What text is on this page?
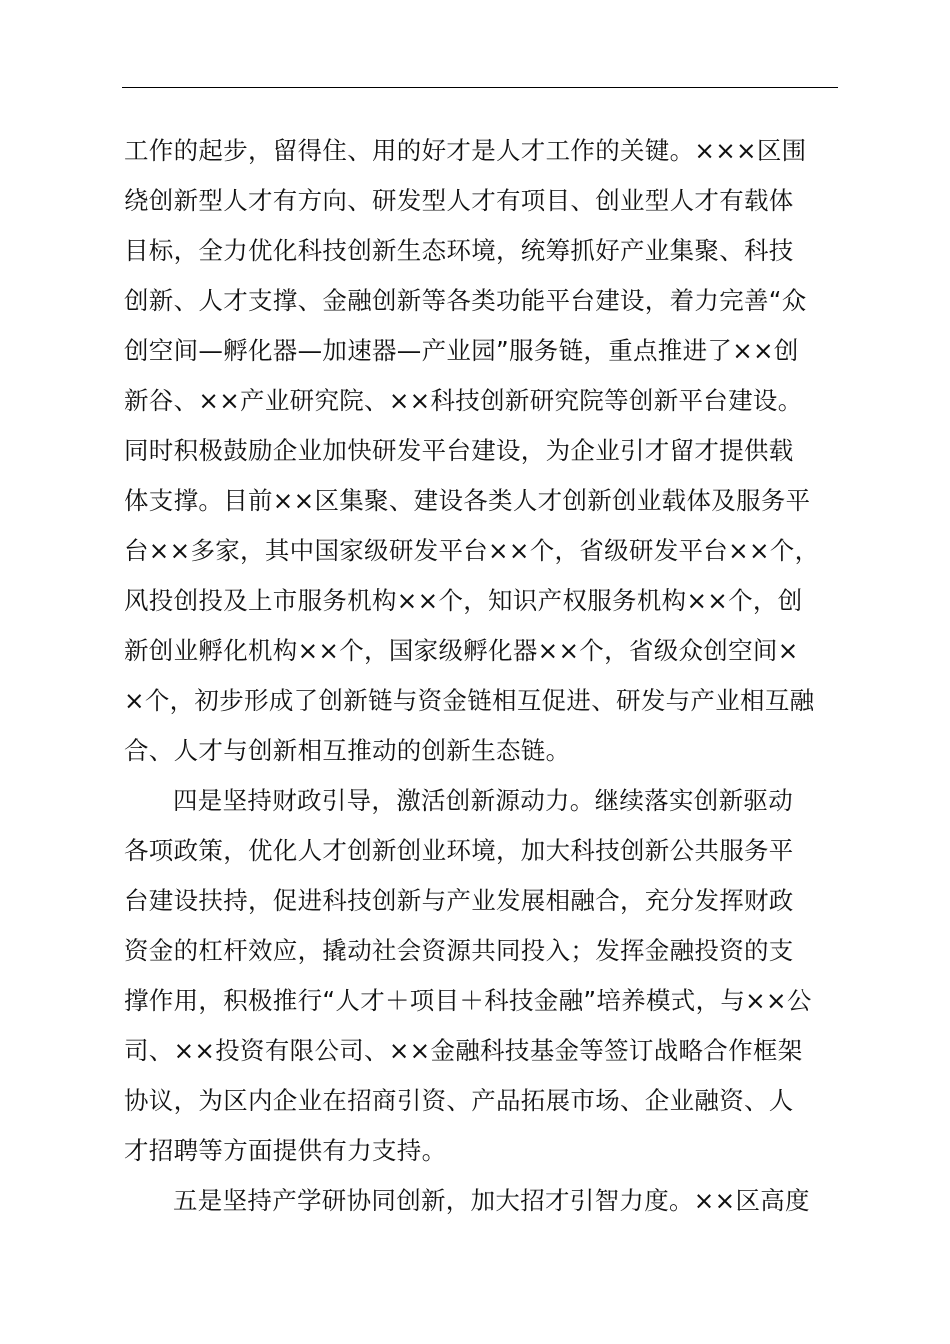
工作的起步，留得住、用的好才是人才工作的关键。×××区围
绕创新型人才有方向、研发型人才有项目、创业型人才有载体
目标，全力优化科技创新生态环境，统筹抓好产业集聚、科技
创新、人才支撑、金融创新等各类功能平台建设，着力完善“众
创空间—孵化器—加速器—产业园”服务链，重点推进了××创
新谷、××产业研究院、××科技创新研究院等创新平台建设。
同时积极鼓励企业加快研发平台建设，为企业引才留才提供载
体支撑。目前××区集聚、建设各类人才创新创业载体及服务平
台××多家，其中国家级研发平台××个，省级研发平台××个，
风投创投及上市服务机构××个，知识产权服务机构××个，创
新创业孵化机构××个，国家级孵化器××个，省级众创空间×
×个，初步形成了创新链与资金链相互促进、研发与产业相互融
合、人才与创新相互推动的创新生态链。
四是坚持财政引导，激活创新源动力。继续落实创新驱动
各项政策，优化人才创新创业环境，加大科技创新公共服务平
台建设扶持，促进科技创新与产业发展相融合，充分发挥财政
资金的杠杆效应，撬动社会资源共同投入；发挥金融投资的支
撑作用，积极推行“人才＋项目＋科技金融”培养模式，与××公
司、××投资有限公司、××金融科技基金等签订战略合作框架
协议，为区内企业在招商引资、产品拓展市场、企业融资、人
才招聘等方面提供有力支持。
五是坚持产学研协同创新，加大招才引智力度。××区高度
